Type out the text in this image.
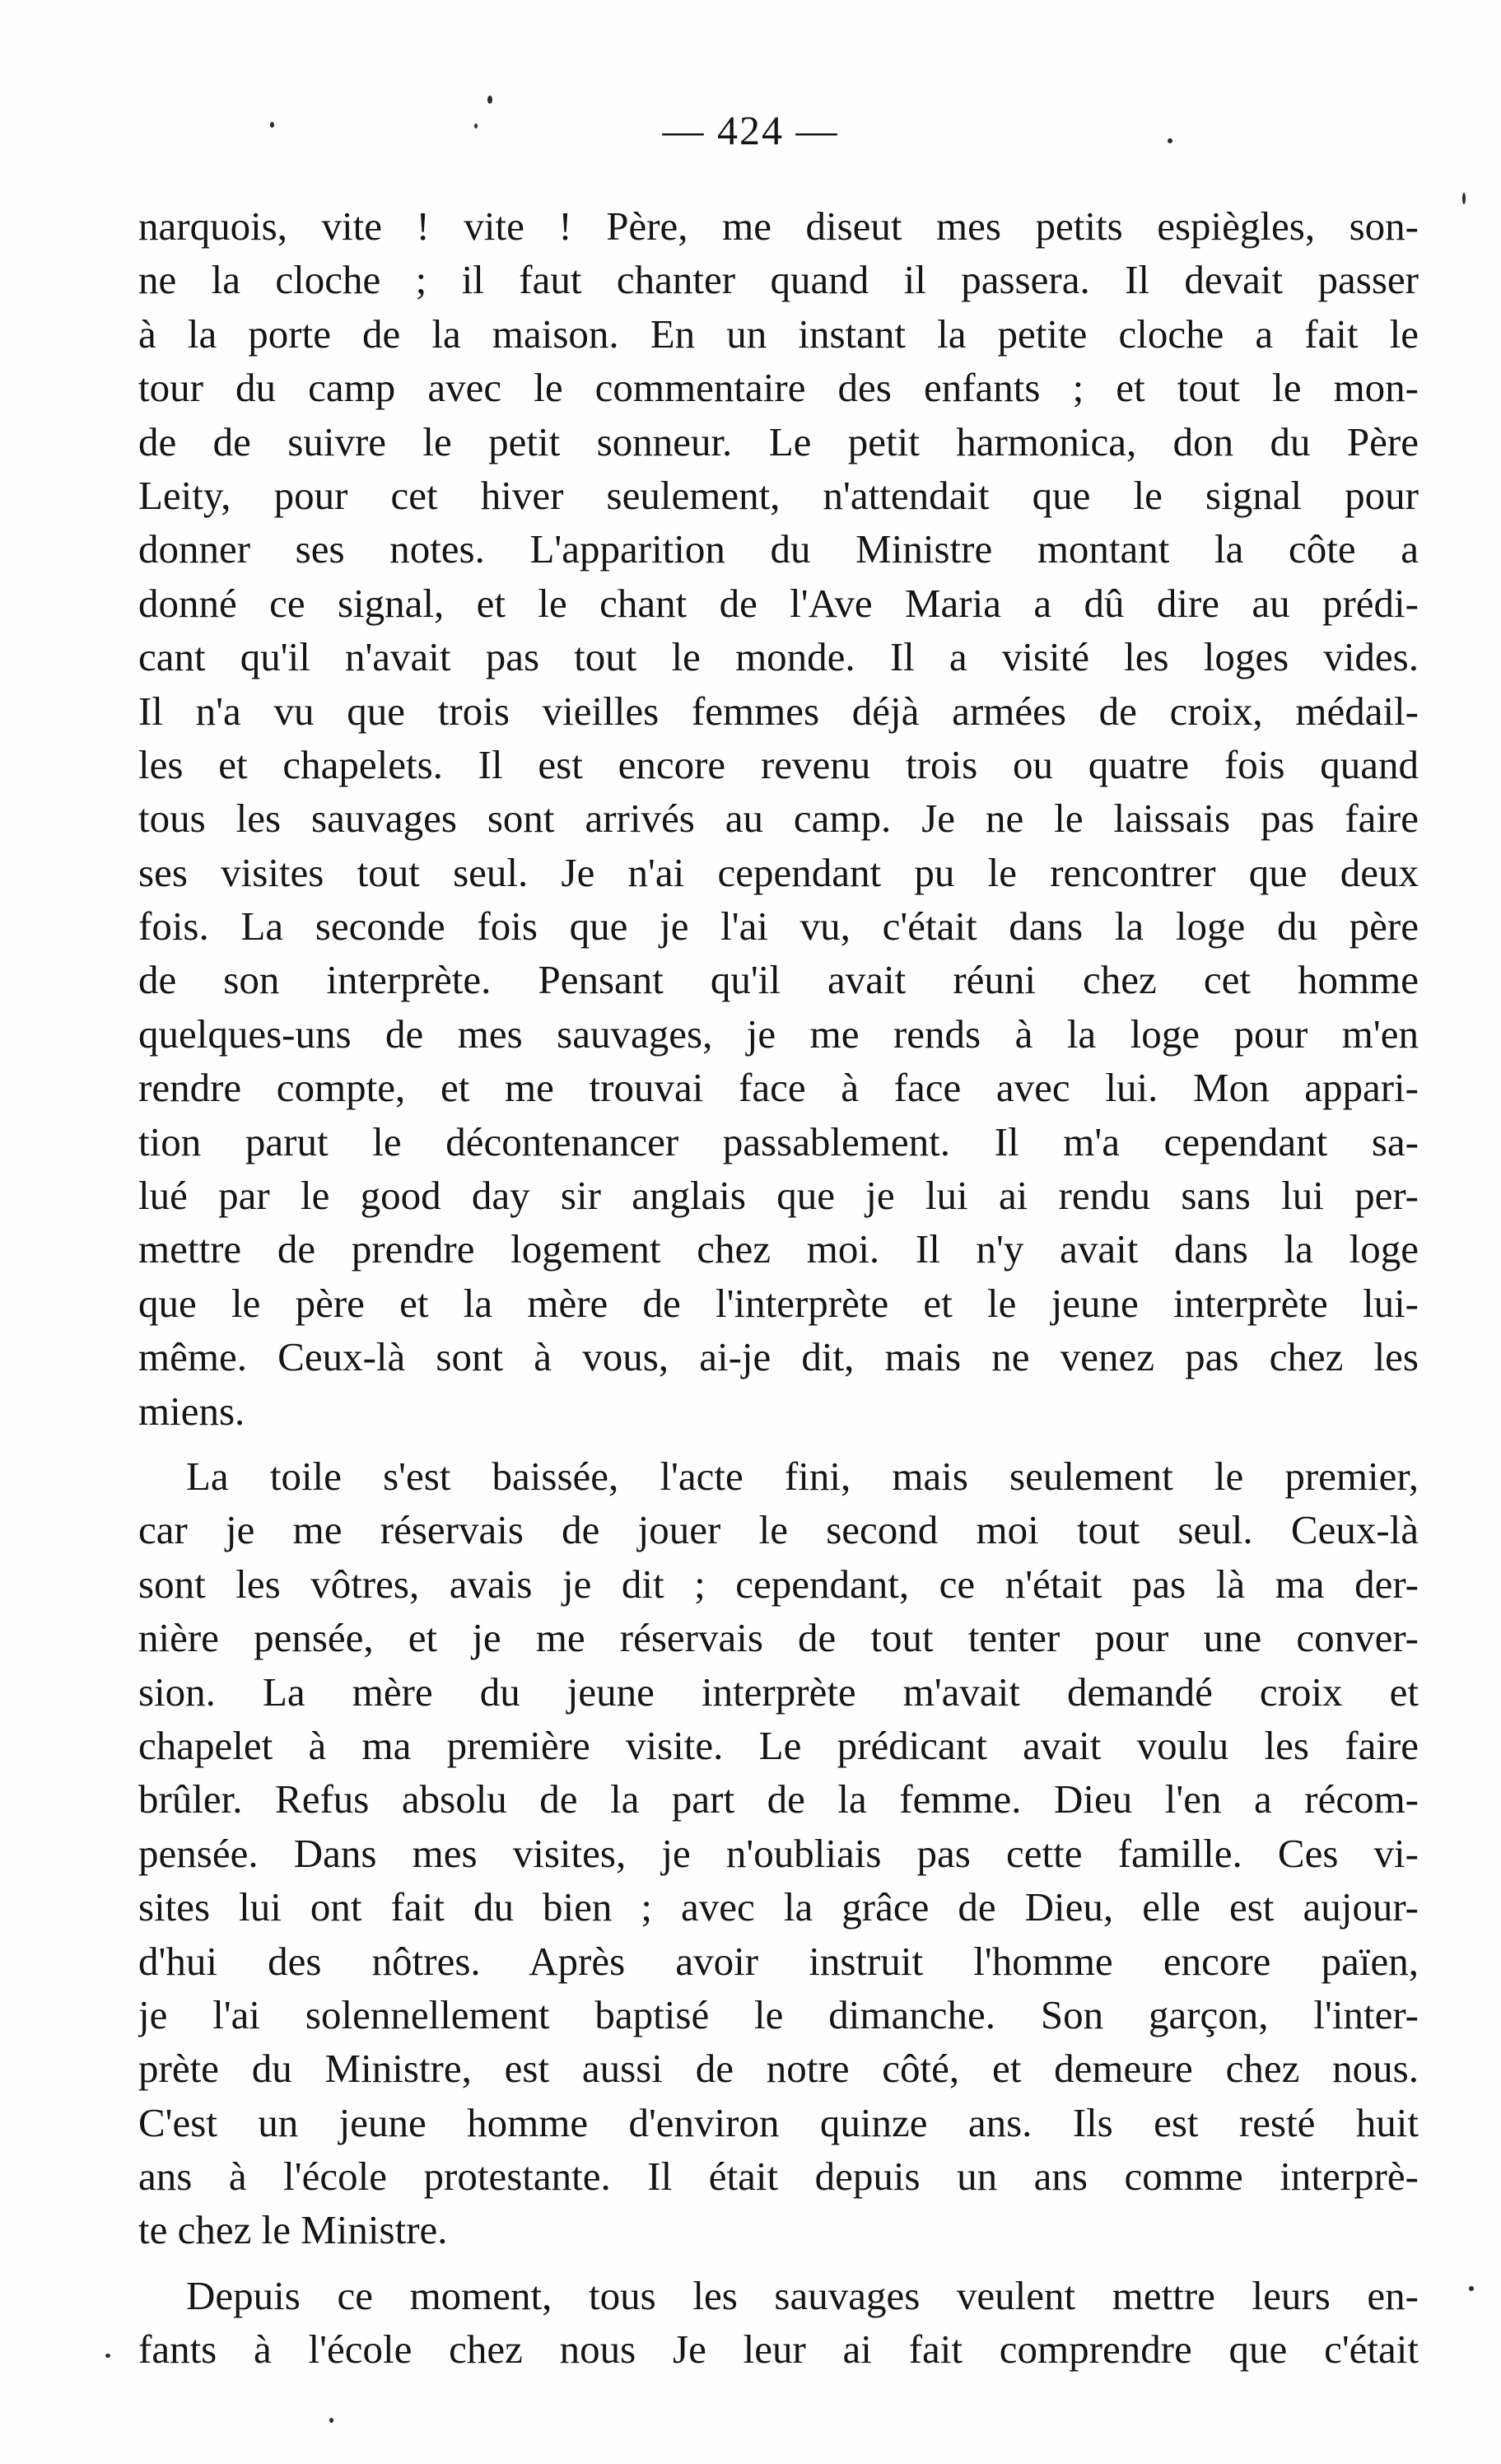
— 424 —
narquois, vite ! vite ! Père, me diseut mes petits espiègles, son-
ne la cloche ; il faut chanter quand il passera. Il devait passer
à la porte de la maison. En un instant la petite cloche a fait le
tour du camp avec le commentaire des enfants ; et tout le mon-
de de suivre le petit sonneur. Le petit harmonica, don du Père
Leity, pour cet hiver seulement, n'attendait que le signal pour
donner ses notes. L'apparition du Ministre montant la côte a
donné ce signal, et le chant de l'Ave Maria a dû dire au prédi-
cant qu'il n'avait pas tout le monde. Il a visité les loges vides.
Il n'a vu que trois vieilles femmes déjà armées de croix, médail-
les et chapelets. Il est encore revenu trois ou quatre fois quand
tous les sauvages sont arrivés au camp. Je ne le laissais pas faire
ses visites tout seul. Je n'ai cependant pu le rencontrer que deux
fois. La seconde fois que je l'ai vu, c'était dans la loge du père
de son interprète. Pensant qu'il avait réuni chez cet homme
quelques-uns de mes sauvages, je me rends à la loge pour m'en
rendre compte, et me trouvai face à face avec lui. Mon appari-
tion parut le décontenancer passablement. Il m'a cependant sa-
lué par le good day sir anglais que je lui ai rendu sans lui per-
mettre de prendre logement chez moi. Il n'y avait dans la loge
que le père et la mère de l'interprète et le jeune interprète lui-
même. Ceux-là sont à vous, ai-je dit, mais ne venez pas chez les
miens.
La toile s'est baissée, l'acte fini, mais seulement le premier,
car je me réservais de jouer le second moi tout seul. Ceux-là
sont les vôtres, avais je dit ; cependant, ce n'était pas là ma der-
nière pensée, et je me réservais de tout tenter pour une conver-
sion. La mère du jeune interprète m'avait demandé croix et
chapelet à ma première visite. Le prédicant avait voulu les faire
brûler. Refus absolu de la part de la femme. Dieu l'en a récom-
pensée. Dans mes visites, je n'oubliais pas cette famille. Ces vi-
sites lui ont fait du bien ; avec la grâce de Dieu, elle est aujour-
d'hui des nôtres. Après avoir instruit l'homme encore païen,
je l'ai solennellement baptisé le dimanche. Son garçon, l'inter-
prète du Ministre, est aussi de notre côté, et demeure chez nous.
C'est un jeune homme d'environ quinze ans. Ils est resté huit
ans à l'école protestante. Il était depuis un ans comme interprè-
te chez le Ministre.
Depuis ce moment, tous les sauvages veulent mettre leurs en-
fants à l'école chez nous Je leur ai fait comprendre que c'était
